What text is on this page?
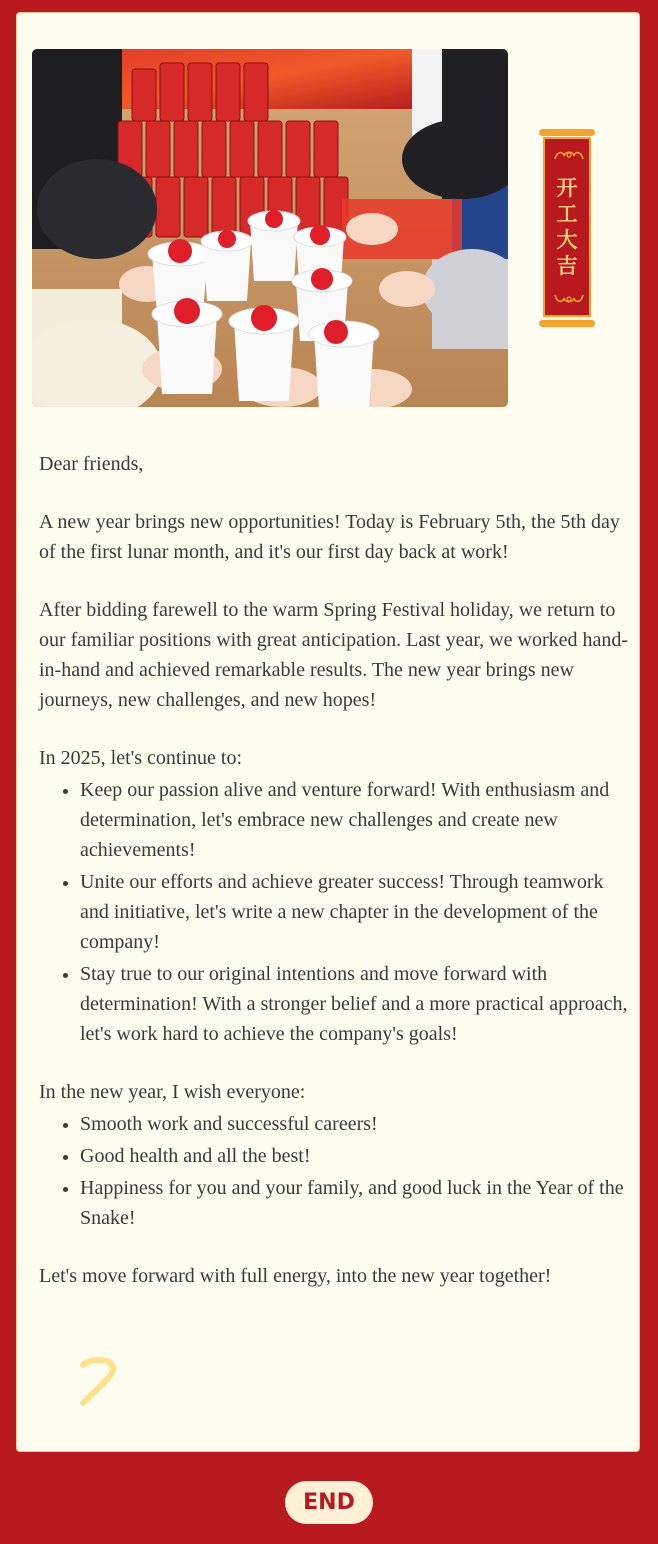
开
工
大
吉

Dear friends,

A new year brings new opportunities! Today is February 5th, the 5th day of the first lunar month, and it's our first day back at work!

After bidding farewell to the warm Spring Festival holiday, we return to our familiar positions with great anticipation. Last year, we worked hand-in-hand and achieved remarkable results. The new year brings new journeys, new challenges, and new hopes!

In 2025, let's continue to:

• Keep our passion alive and venture forward! With enthusiasm and determination, let's embrace new challenges and create new achievements!
• Unite our efforts and achieve greater success! Through teamwork and initiative, let's write a new chapter in the development of the company!
• Stay true to our original intentions and move forward with determination! With a stronger belief and a more practical approach, let's work hard to achieve the company's goals!

In the new year, I wish everyone:

• Smooth work and successful careers!
• Good health and all the best!
• Happiness for you and your family, and good luck in the Year of the Snake!

Let's move forward with full energy, into the new year together!

END
